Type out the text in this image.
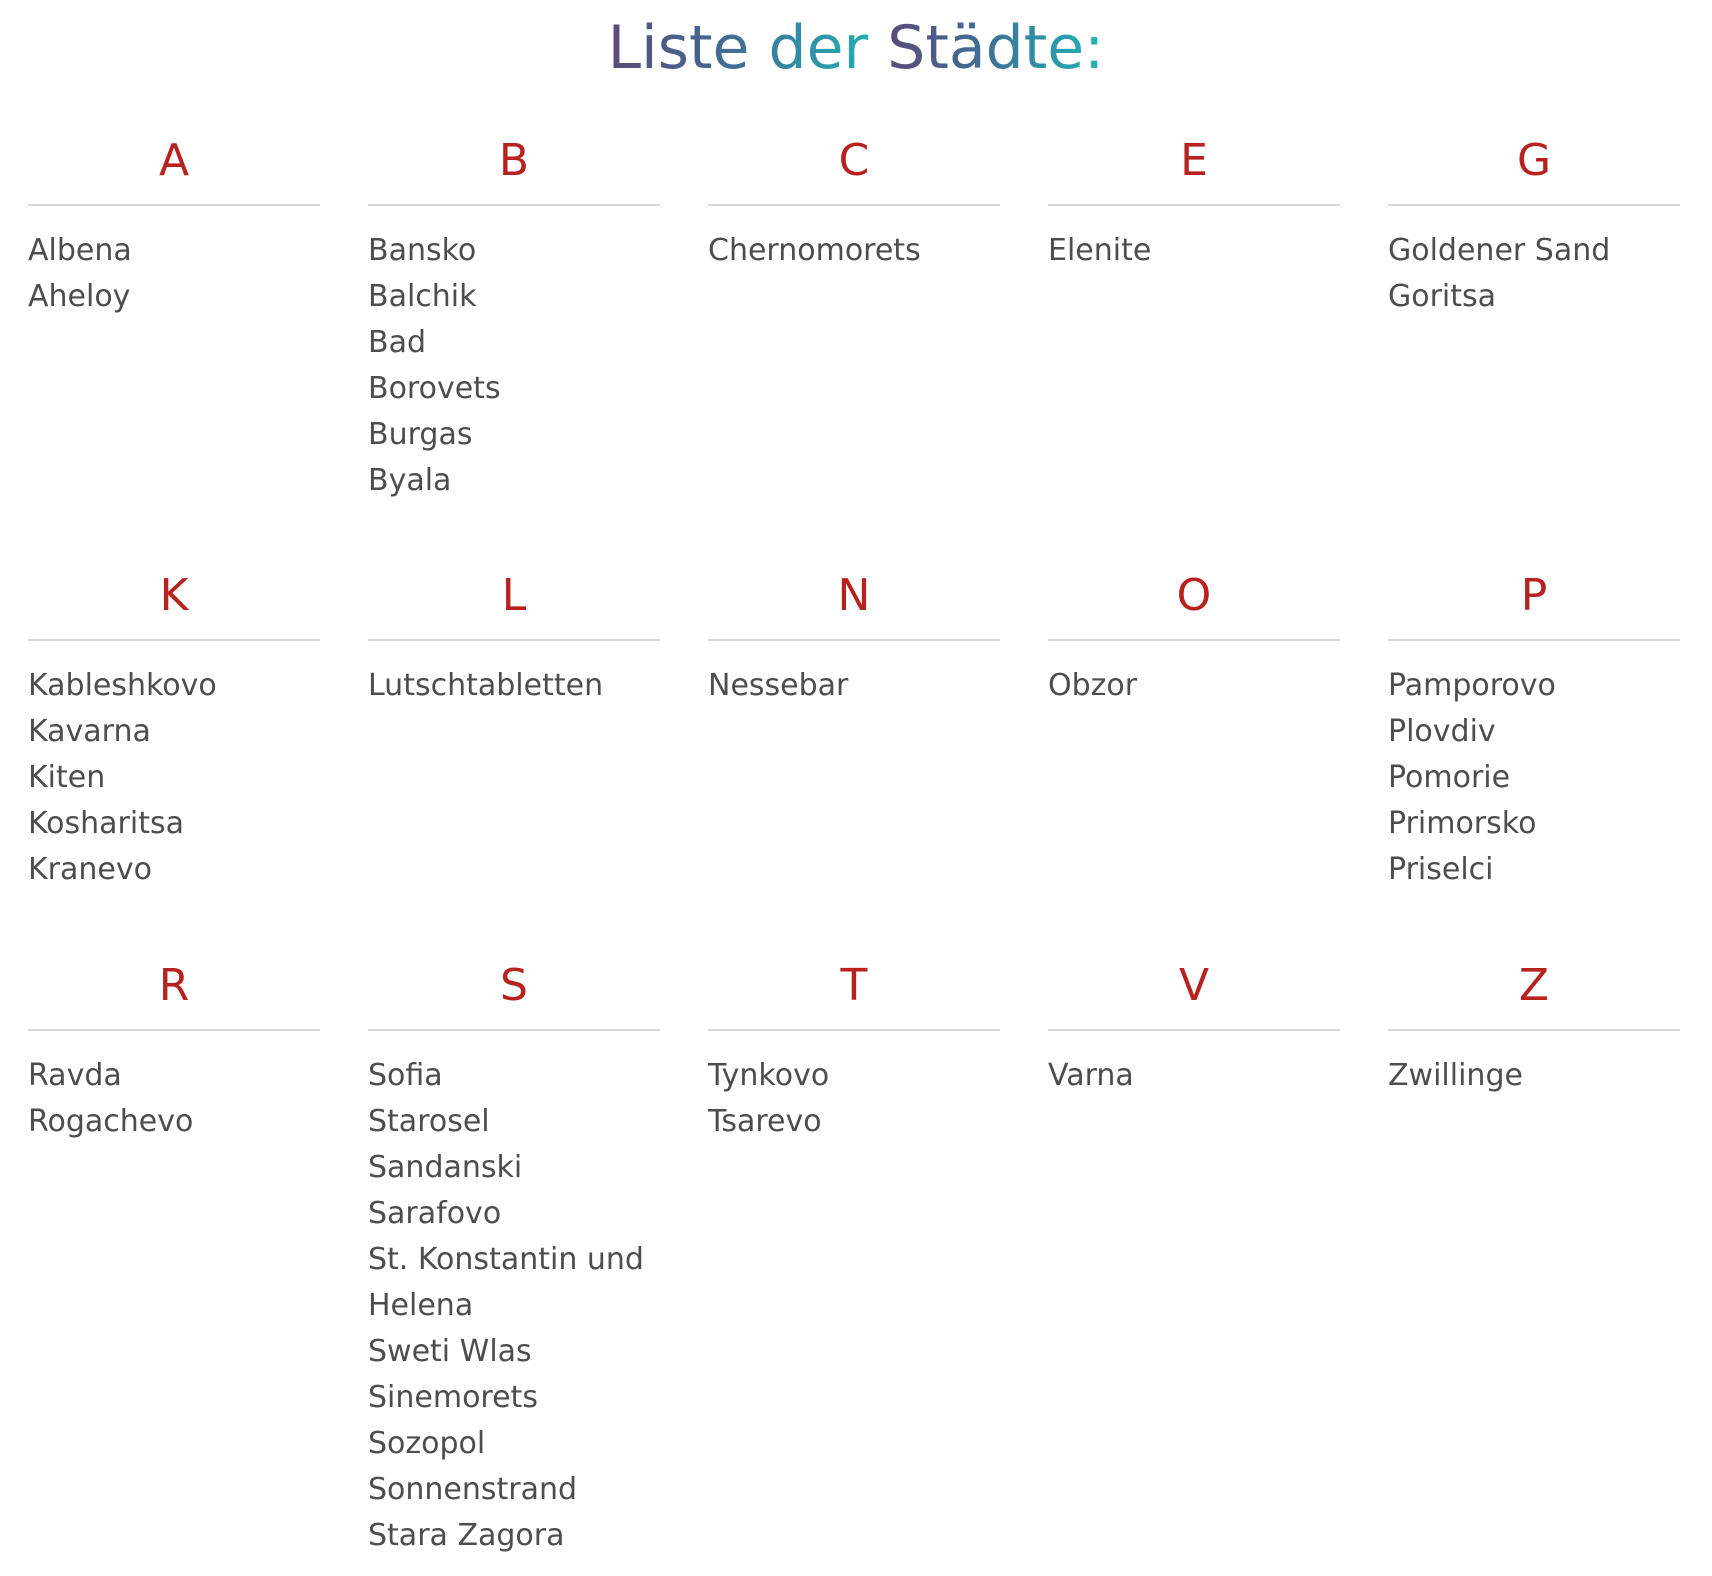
Liste der Städte:
A
Albena
Aheloy
B
Bansko
Balchik
Bad
Borovets
Burgas
Byala
C
Chernomorets
E
Elenite
G
Goldener Sand
Goritsa
K
Kableshkovo
Kavarna
Kiten
Kosharitsa
Kranevo
L
Lutschtabletten
N
Nessebar
O
Obzor
P
Pamporovo
Plovdiv
Pomorie
Primorsko
Priselci
R
Ravda
Rogachevo
S
Sofia
Starosel
Sandanski
Sarafovo
St. Konstantin und Helena
Sweti Wlas
Sinemorets
Sozopol
Sonnenstrand
Stara Zagora
T
Tynkovo
Tsarevo
V
Varna
Z
Zwillinge
